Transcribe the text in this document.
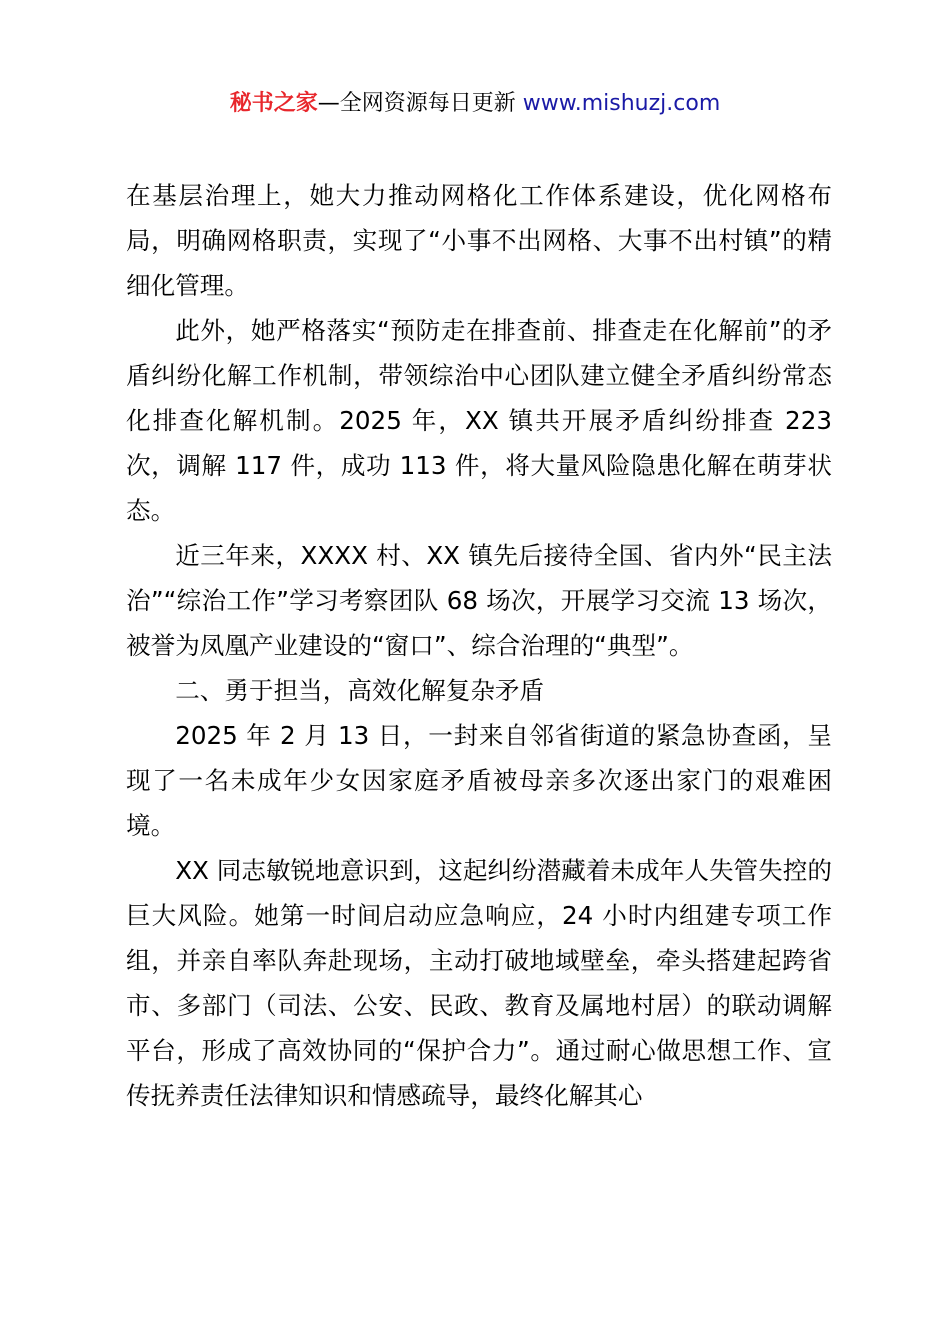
秘书之家—全网资源每日更新 www.mishuzj.com

在基层治理上，她大力推动网格化工作体系建设，优化网格布局，明确网格职责，实现了“小事不出网格、大事不出村镇”的精细化管理。

此外，她严格落实“预防走在排查前、排查走在化解前”的矛盾纠纷化解工作机制，带领综治中心团队建立健全矛盾纠纷常态化排查化解机制。2025 年，XX 镇共开展矛盾纠纷排查 223 次，调解 117 件，成功 113 件，将大量风险隐患化解在萌芽状态。

近三年来，XXXX 村、XX 镇先后接待全国、省内外“民主法治”“综治工作”学习考察团队 68 场次，开展学习交流 13 场次，被誉为凤凰产业建设的“窗口”、综合治理的“典型”。

二、勇于担当，高效化解复杂矛盾

2025 年 2 月 13 日，一封来自邻省街道的紧急协查函，呈现了一名未成年少女因家庭矛盾被母亲多次逐出家门的艰难困境。

XX 同志敏锐地意识到，这起纠纷潜藏着未成年人失管失控的巨大风险。她第一时间启动应急响应，24 小时内组建专项工作组，并亲自率队奔赴现场，主动打破地域壁垒，牵头搭建起跨省市、多部门（司法、公安、民政、教育及属地村居）的联动调解平台，形成了高效协同的“保护合力”。通过耐心做思想工作、宣传抚养责任法律知识和情感疏导，最终化解其心
